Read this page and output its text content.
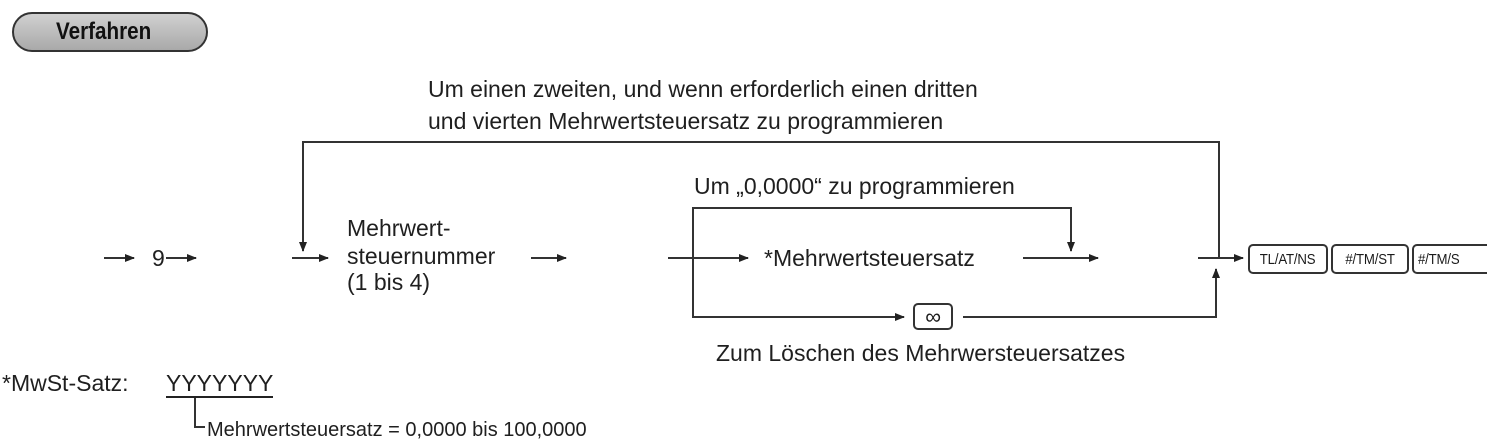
Verfahren
9
Um einen zweiten, und wenn erforderlich einen dritten
und vierten Mehrwertsteuersatz zu programmieren
Mehrwert-
steuernummer
(1 bis 4)
Um „0,0000“ zu programmieren
*Mehrwertsteuersatz
∞
Zum Löschen des Mehrwersteuersatzes
TL/AT/NS #/TM/ST #/TM/S
*MwSt-Satz: YYYYYYY
Mehrwertsteuersatz = 0,0000 bis 100,0000
